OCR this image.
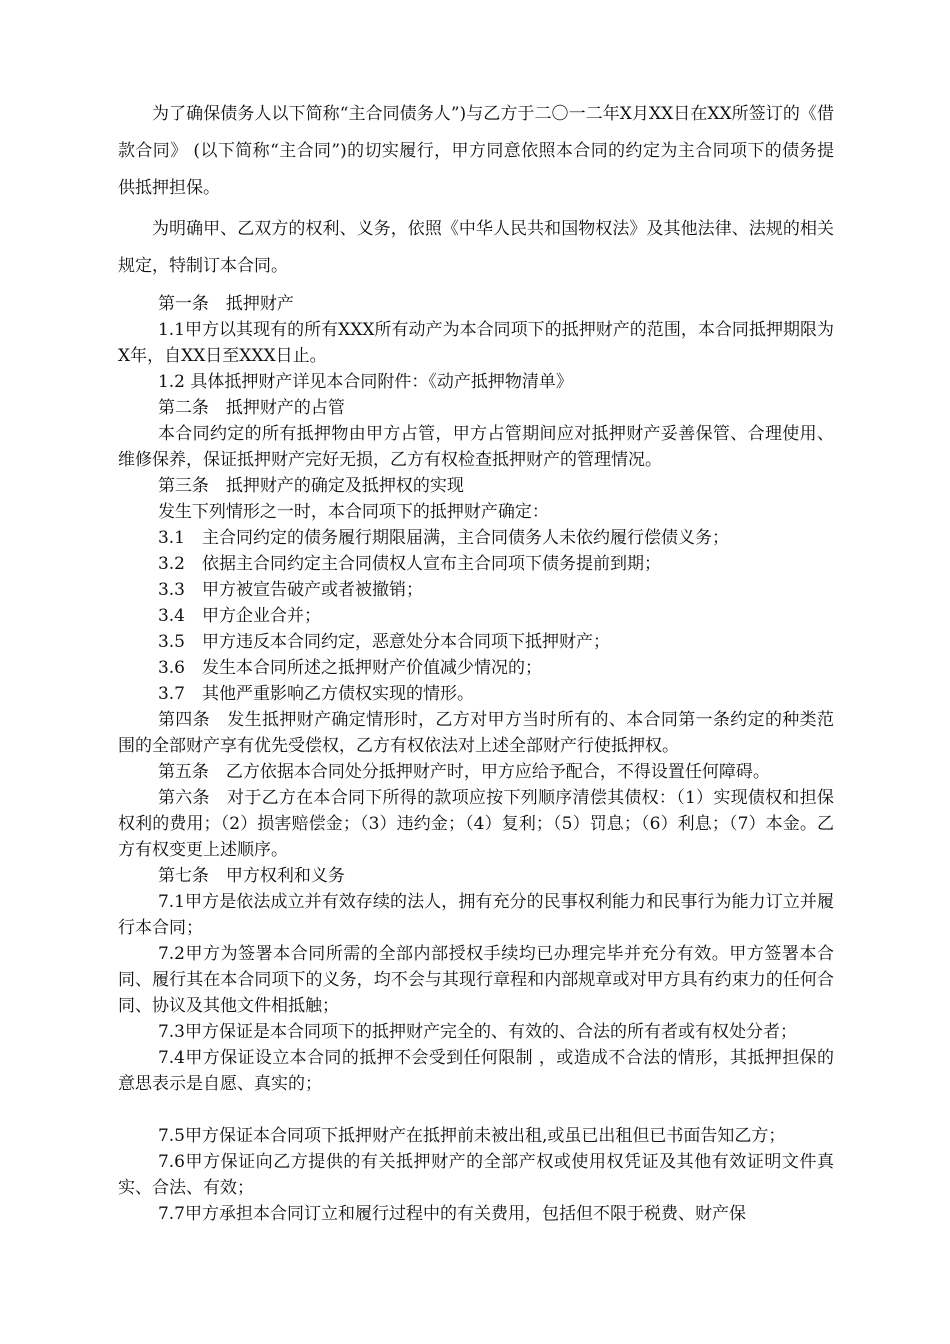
为了确保债务人以下简称“主合同债务人”)与乙方于二〇一二年X月XX日在XX所签订的《借款合同》 (以下简称“主合同”)的切实履行，甲方同意依照本合同的约定为主合同项下的债务提供抵押担保。

为明确甲、乙双方的权利、义务，依照《中华人民共和国物权法》及其他法律、法规的相关规定，特制订本合同。

第一条　抵押财产

1.1甲方以其现有的所有XXX所有动产为本合同项下的抵押财产的范围，本合同抵押期限为X年，自XX日至XXX日止。

1.2 具体抵押财产详见本合同附件：《动产抵押物清单》

第二条　抵押财产的占管

本合同约定的所有抵押物由甲方占管，甲方占管期间应对抵押财产妥善保管、合理使用、维修保养，保证抵押财产完好无损，乙方有权检查抵押财产的管理情况。

第三条　抵押财产的确定及抵押权的实现

发生下列情形之一时，本合同项下的抵押财产确定：

3.1　主合同约定的债务履行期限届满，主合同债务人未依约履行偿债义务；

3.2　依据主合同约定主合同债权人宣布主合同项下债务提前到期；

3.3　甲方被宣告破产或者被撤销；

3.4　甲方企业合并；

3.5　甲方违反本合同约定，恶意处分本合同项下抵押财产；

3.6　发生本合同所述之抵押财产价值减少情况的；

3.7　其他严重影响乙方债权实现的情形。

第四条　发生抵押财产确定情形时，乙方对甲方当时所有的、本合同第一条约定的种类范围的全部财产享有优先受偿权，乙方有权依法对上述全部财产行使抵押权。

第五条　乙方依据本合同处分抵押财产时，甲方应给予配合，不得设置任何障碍。

第六条　对于乙方在本合同下所得的款项应按下列顺序清偿其债权：（1）实现债权和担保权利的费用；（2）损害赔偿金；（3）违约金；（4）复利；（5）罚息；（6）利息；（7）本金。乙方有权变更上述顺序。

第七条　甲方权利和义务

7.1甲方是依法成立并有效存续的法人，拥有充分的民事权利能力和民事行为能力订立并履行本合同；

7.2甲方为签署本合同所需的全部内部授权手续均已办理完毕并充分有效。甲方签署本合同、履行其在本合同项下的义务，均不会与其现行章程和内部规章或对甲方具有约束力的任何合同、协议及其他文件相抵触；

7.3甲方保证是本合同项下的抵押财产完全的、有效的、合法的所有者或有权处分者；

7.4甲方保证设立本合同的抵押不会受到任何限制 ，或造成不合法的情形，其抵押担保的意思表示是自愿、真实的；

7.5甲方保证本合同项下抵押财产在抵押前未被出租,或虽已出租但已书面告知乙方；

7.6甲方保证向乙方提供的有关抵押财产的全部产权或使用权凭证及其他有效证明文件真实、合法、有效；

7.7甲方承担本合同订立和履行过程中的有关费用，包括但不限于税费、财产保
